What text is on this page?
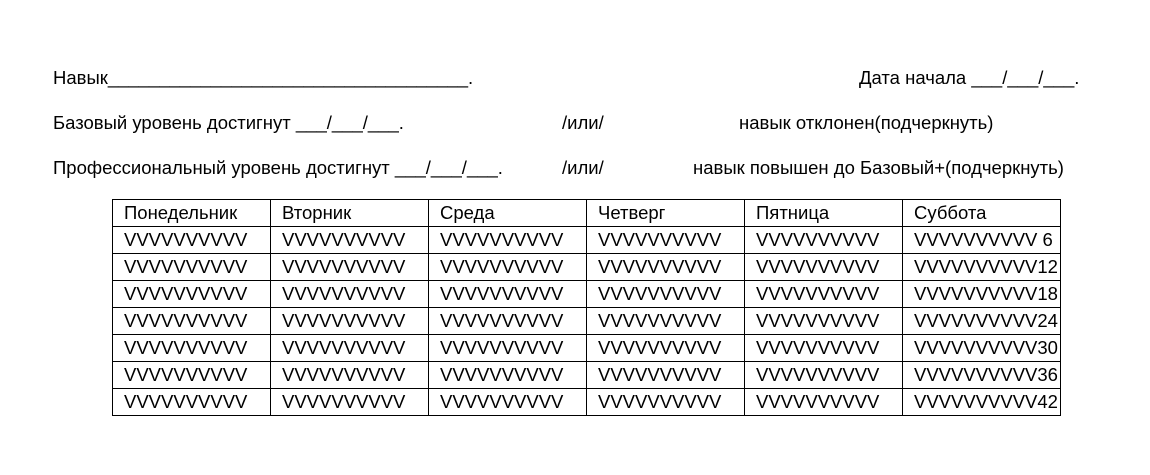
Навык___________________________________.	Дата начала ___/___/___.
Базовый уровень достигнут ___/___/___.	/или/	навык отклонен(подчеркнуть)
Профессиональный уровень достигнут ___/___/___.	/или/	навык повышен до Базовый+(подчеркнуть)
Понедельник	Вторник	Среда	Четверг	Пятница	Суббота
VVVVVVVVVV	VVVVVVVVVV	VVVVVVVVVV	VVVVVVVVVV	VVVVVVVVVV	VVVVVVVVVV 6
VVVVVVVVVV	VVVVVVVVVV	VVVVVVVVVV	VVVVVVVVVV	VVVVVVVVVV	VVVVVVVVVV12
VVVVVVVVVV	VVVVVVVVVV	VVVVVVVVVV	VVVVVVVVVV	VVVVVVVVVV	VVVVVVVVVV18
VVVVVVVVVV	VVVVVVVVVV	VVVVVVVVVV	VVVVVVVVVV	VVVVVVVVVV	VVVVVVVVVV24
VVVVVVVVVV	VVVVVVVVVV	VVVVVVVVVV	VVVVVVVVVV	VVVVVVVVVV	VVVVVVVVVV30
VVVVVVVVVV	VVVVVVVVVV	VVVVVVVVVV	VVVVVVVVVV	VVVVVVVVVV	VVVVVVVVVV36
VVVVVVVVVV	VVVVVVVVVV	VVVVVVVVVV	VVVVVVVVVV	VVVVVVVVVV	VVVVVVVVVV42
